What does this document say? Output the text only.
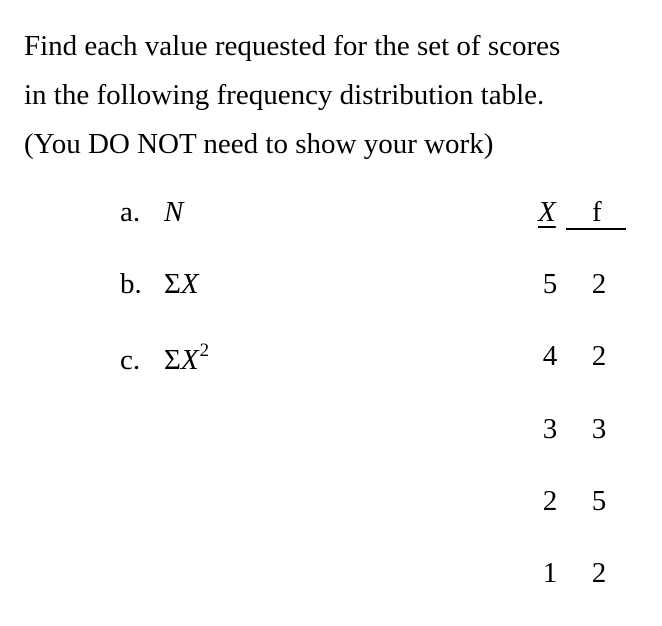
Find each value requested for the set of scores
in the following frequency distribution table.
(You DO NOT need to show your work)
a. N
b. ΣX
c. $\Sigma X^2$
X f
5 2
4 2
3 3
2 5
1 2
